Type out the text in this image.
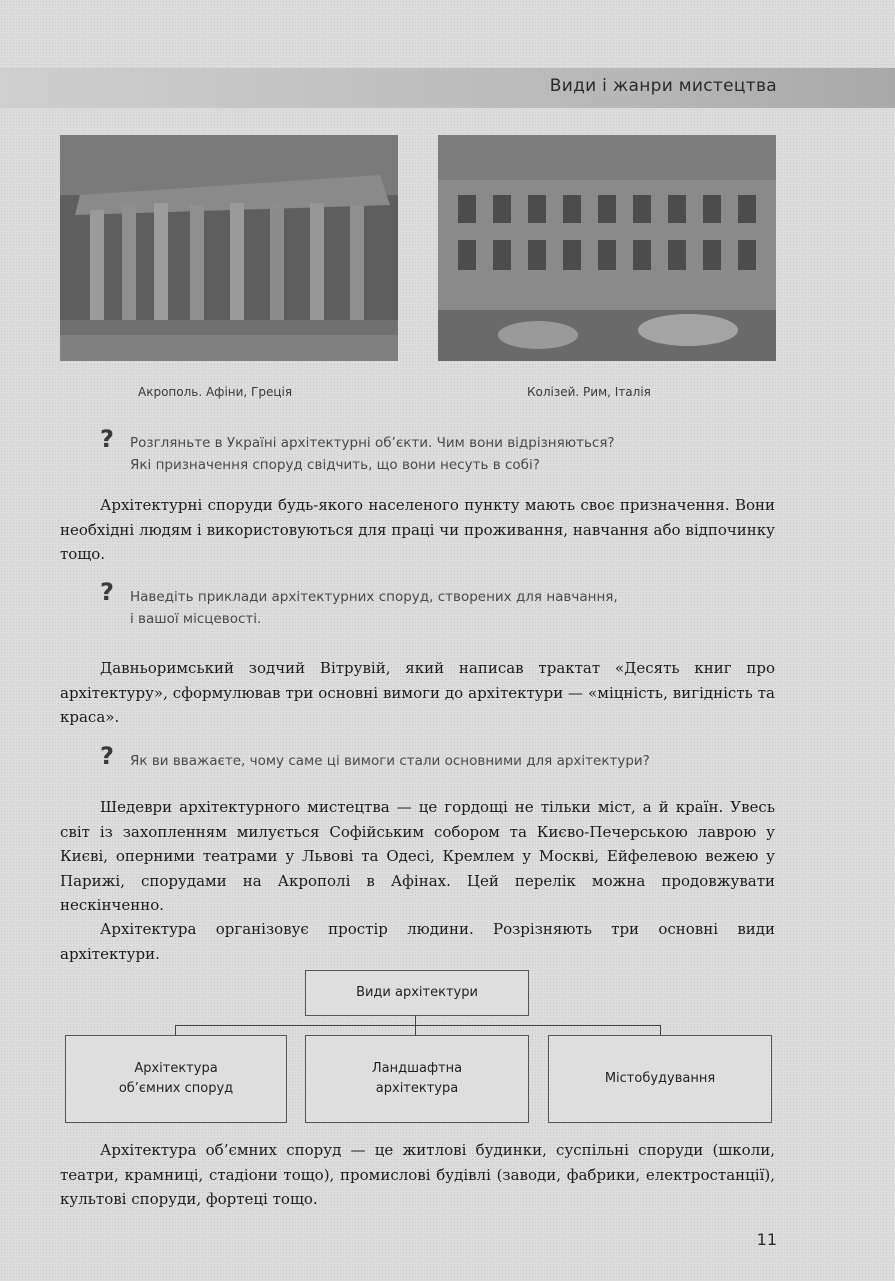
Види і жанри мистецтва
Акрополь. Афіни, Греція	Колізей. Рим, Італія
? Розгляньте в Україні архітектурні об’єкти. Чим вони відрізняються?
Які призначення споруд свідчить, що вони несуть в собі?
Архітектурні споруди будь-якого населеного пункту мають своє призначення. Вони необхідні людям і використовуються для праці чи проживання, навчання або відпочинку тощо.
? Наведіть приклади архітектурних споруд, створених для навчання,
і вашої місцевості.
Давньоримський зодчий Вітрувій, який написав трактат «Десять книг про архітектуру», сформулював три основні вимоги до архітектури — «міцність, вигідність та краса».
? Як ви вважаєте, чому саме ці вимоги стали основними для архітектури?
Шедеври архітектурного мистецтва — це гордощі не тільки міст, а й країн. Увесь світ із захопленням милується Софійським собором та Києво-Печерською лаврою у Києві, оперними театрами у Львові та Одесі, Кремлем у Москві, Ейфелевою вежею у Парижі, спорудами на Акрополі в Афінах. Цей перелік можна продовжувати нескінченно.
Архітектура організовує простір людини. Розрізняють три основні види архітектури.
Види архітектури
Архітектура
об’ємних споруд
Ландшафтна
архітектура
Містобудування
Архітектура об’ємних споруд — це житлові будинки, суспільні споруди (школи, театри, крамниці, стадіони тощо), промислові будівлі (заводи, фабрики, електростанції), культові споруди, фортеці тощо.
11
